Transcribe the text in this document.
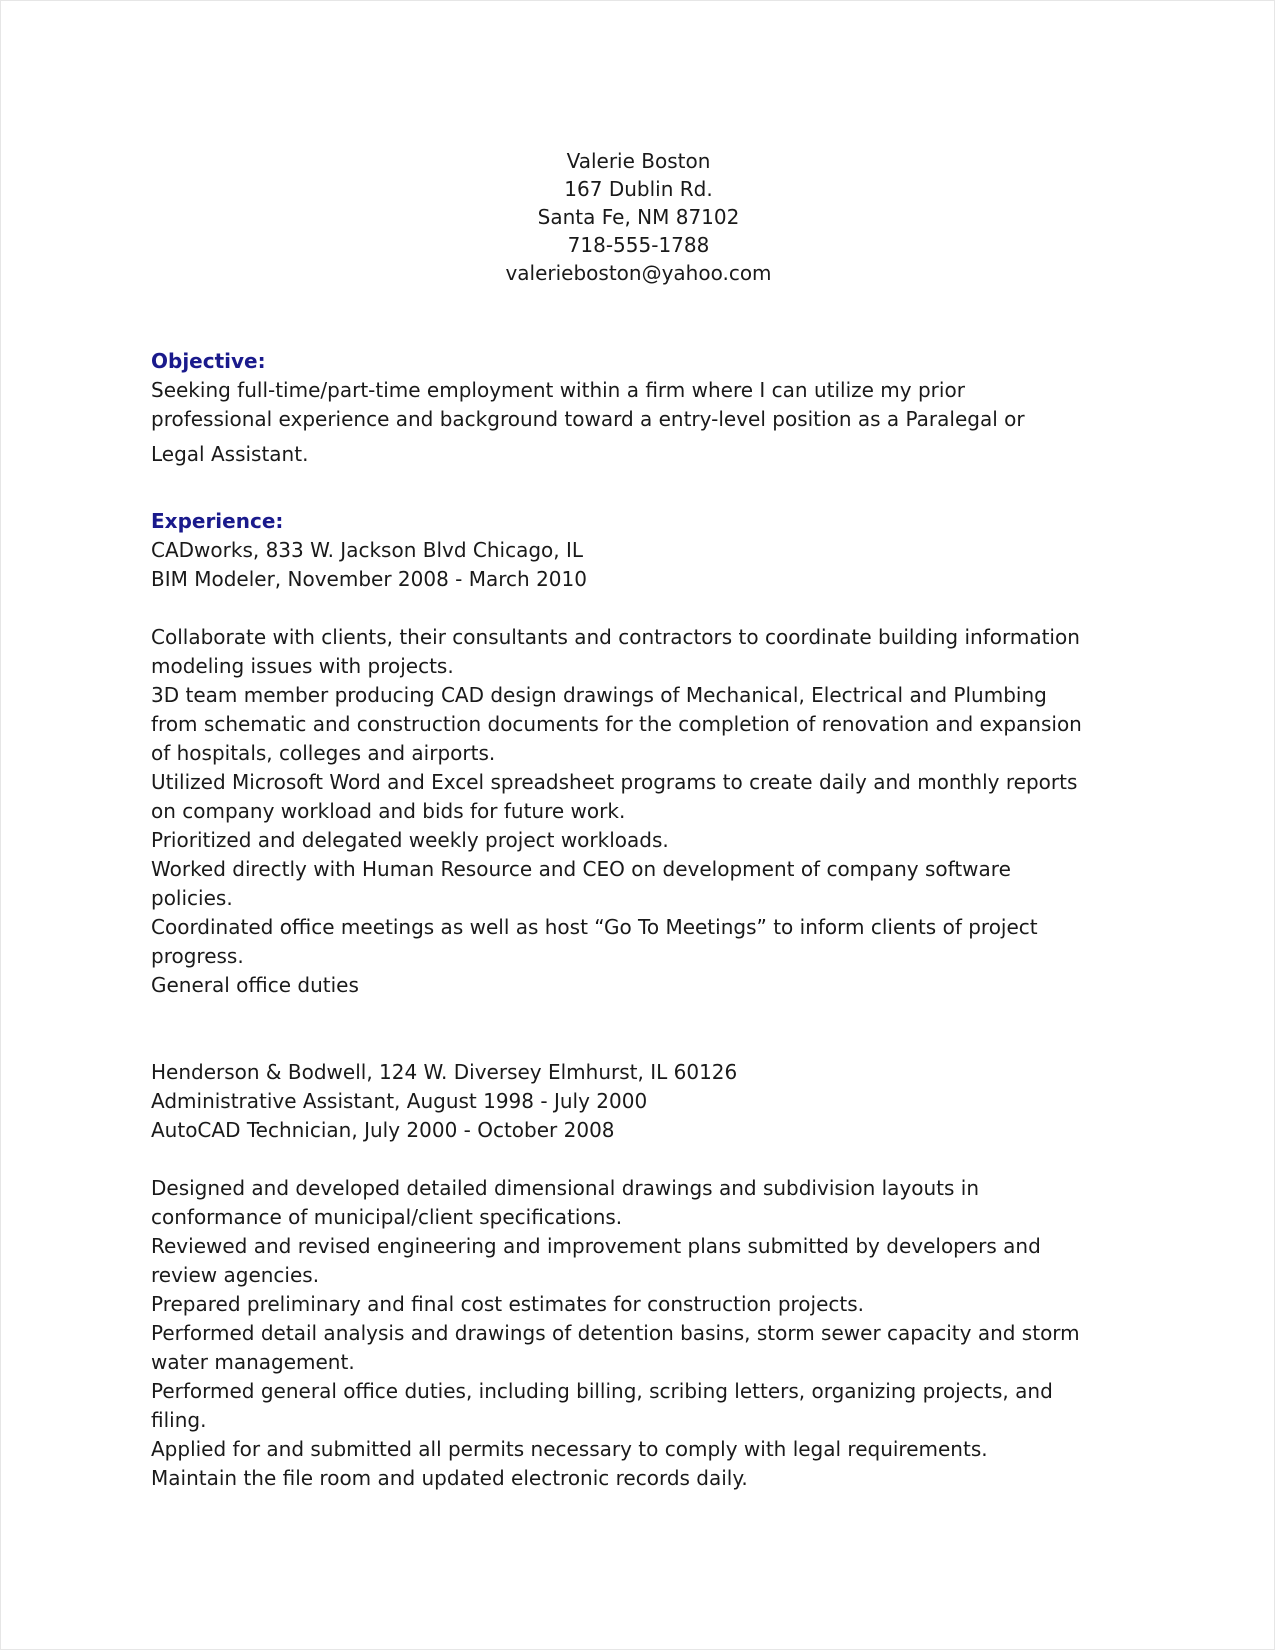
Valerie Boston
167 Dublin Rd.
Santa Fe, NM 87102
718-555-1788
valerieboston@yahoo.com
Objective:
Seeking full-time/part-time employment within a firm where I can utilize my prior
professional experience and background toward a entry-level position as a Paralegal or
Legal Assistant.
Experience:
CADworks, 833 W. Jackson Blvd Chicago, IL
BIM Modeler, November 2008 - March 2010
Collaborate with clients, their consultants and contractors to coordinate building information
modeling issues with projects.
3D team member producing CAD design drawings of Mechanical, Electrical and Plumbing
from schematic and construction documents for the completion of renovation and expansion
of hospitals, colleges and airports.
Utilized Microsoft Word and Excel spreadsheet programs to create daily and monthly reports
on company workload and bids for future work.
Prioritized and delegated weekly project workloads.
Worked directly with Human Resource and CEO on development of company software
policies.
Coordinated office meetings as well as host “Go To Meetings” to inform clients of project
progress.
General office duties
Henderson & Bodwell, 124 W. Diversey Elmhurst, IL 60126
Administrative Assistant, August 1998 - July 2000
AutoCAD Technician, July 2000 - October 2008
Designed and developed detailed dimensional drawings and subdivision layouts in
conformance of municipal/client specifications.
Reviewed and revised engineering and improvement plans submitted by developers and
review agencies.
Prepared preliminary and final cost estimates for construction projects.
Performed detail analysis and drawings of detention basins, storm sewer capacity and storm
water management.
Performed general office duties, including billing, scribing letters, organizing projects, and
filing.
Applied for and submitted all permits necessary to comply with legal requirements.
Maintain the file room and updated electronic records daily.
